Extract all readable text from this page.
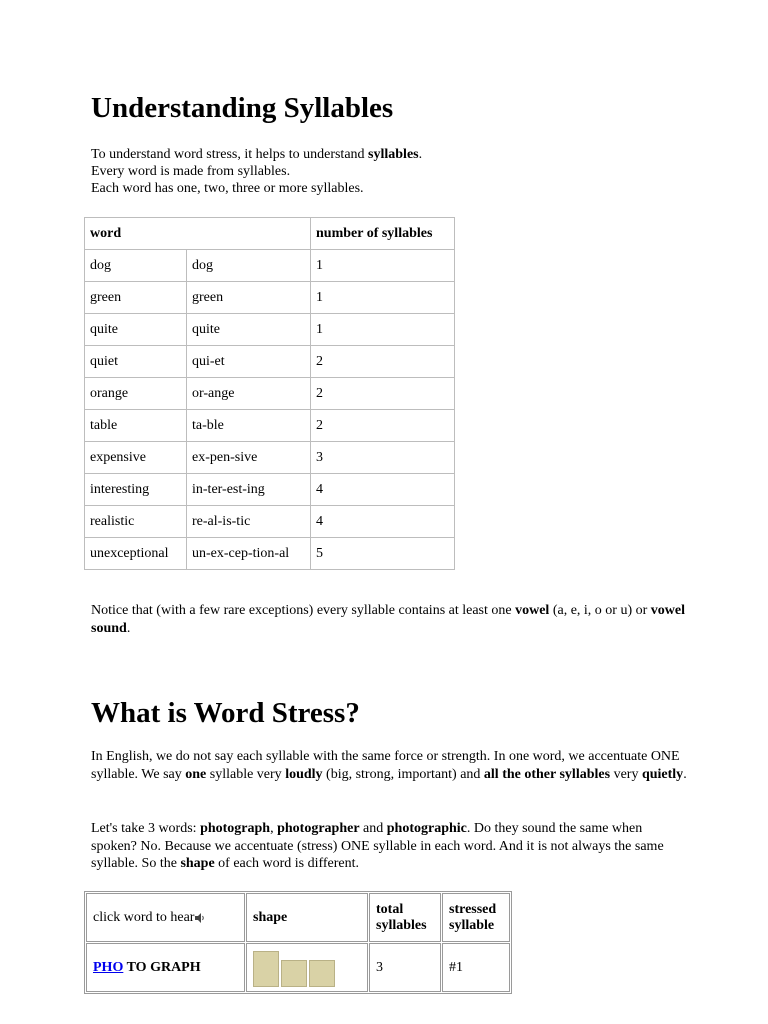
Understanding Syllables
To understand word stress, it helps to understand syllables.
Every word is made from syllables.
Each word has one, two, three or more syllables.
word		number of syllables
dog	dog	1
green	green	1
quite	quite	1
quiet	qui-et	2
orange	or-ange	2
table	ta-ble	2
expensive	ex-pen-sive	3
interesting	in-ter-est-ing	4
realistic	re-al-is-tic	4
unexceptional	un-ex-cep-tion-al	5
Notice that (with a few rare exceptions) every syllable contains at least one vowel (a, e, i, o or u) or vowel sound.
What is Word Stress?
In English, we do not say each syllable with the same force or strength. In one word, we accentuate ONE syllable. We say one syllable very loudly (big, strong, important) and all the other syllables very quietly.
Let's take 3 words: photograph, photographer and photographic. Do they sound the same when spoken? No. Because we accentuate (stress) ONE syllable in each word. And it is not always the same syllable. So the shape of each word is different.
click word to hear	shape	total syllables	stressed syllable
PHO TO GRAPH		3	#1
